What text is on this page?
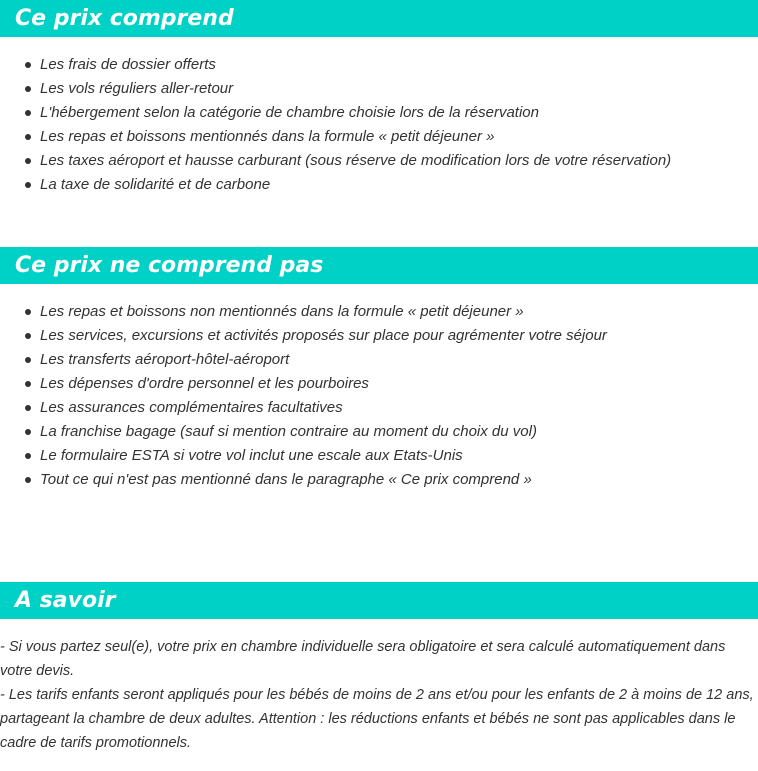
Ce prix comprend
Les frais de dossier offerts
Les vols réguliers aller-retour
L'hébergement selon la catégorie de chambre choisie lors de la réservation
Les repas et boissons mentionnés dans la formule « petit déjeuner »
Les taxes aéroport et hausse carburant (sous réserve de modification lors de votre réservation)
La taxe de solidarité et de carbone
Ce prix ne comprend pas
Les repas et boissons non mentionnés dans la formule « petit déjeuner »
Les services, excursions et activités proposés sur place pour agrémenter votre séjour
Les transferts aéroport-hôtel-aéroport
Les dépenses d'ordre personnel et les pourboires
Les assurances complémentaires facultatives
La franchise bagage (sauf si mention contraire au moment du choix du vol)
Le formulaire ESTA si votre vol inclut une escale aux Etats-Unis
Tout ce qui n'est pas mentionné dans le paragraphe « Ce prix comprend »
A savoir

- Si vous partez seul(e), votre prix en chambre individuelle sera obligatoire et sera calculé automatiquement dans votre devis.

- Les tarifs enfants seront appliqués pour les bébés de moins de 2 ans et/ou pour les enfants de 2 à moins de 12 ans, partageant la chambre de deux adultes. Attention : les réductions enfants et bébés ne sont pas applicables dans le cadre de tarifs promotionnels.
